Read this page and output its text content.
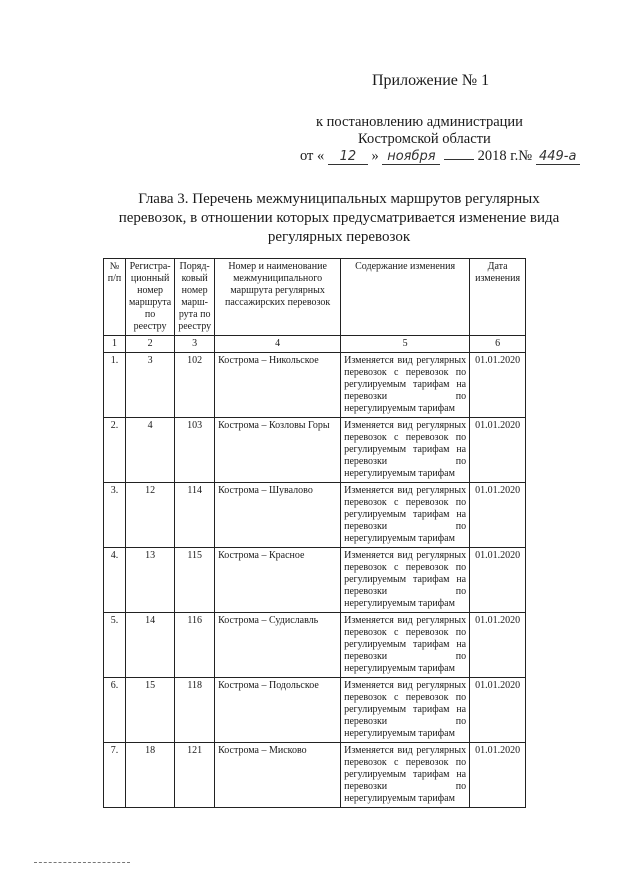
Приложение № 1
к постановлению администрации
Костромской области
от « 12 » ноября	2018 г.№ 449-а
Глава 3. Перечень межмуниципальных маршрутов регулярных перевозок, в отношении которых предусматривается изменение вида регулярных перевозок
№ п/п	Регистра-ционный номер маршрута по реестру	Поряд-ковый номер марш-рута по реестру	Номер и наименование межмуниципального маршрута регулярных пассажирских перевозок	Содержание изменения	Дата изменения
1	2	3	4	5	6
1.	3	102	Кострома – Никольское	Изменяется вид регулярных перевозок с перевозок по регулируемым тарифам на перевозки по
нерегулируемым тарифам	01.01.2020
2.	4	103	Кострома – Козловы Горы	Изменяется вид регулярных перевозок с перевозок по регулируемым тарифам на перевозки по
нерегулируемым тарифам	01.01.2020
3.	12	114	Кострома – Шувалово	Изменяется вид регулярных перевозок с перевозок по регулируемым тарифам на перевозки по
нерегулируемым тарифам	01.01.2020
4.	13	115	Кострома – Красное	Изменяется вид регулярных перевозок с перевозок по регулируемым тарифам на перевозки по
нерегулируемым тарифам	01.01.2020
5.	14	116	Кострома – Судиславль	Изменяется вид регулярных перевозок с перевозок по регулируемым тарифам на перевозки по
нерегулируемым тарифам	01.01.2020
6.	15	118	Кострома – Подольское	Изменяется вид регулярных перевозок с перевозок по регулируемым тарифам на перевозки по
нерегулируемым тарифам	01.01.2020
7.	18	121	Кострома – Мисково	Изменяется вид регулярных перевозок с перевозок по регулируемым тарифам на перевозки по
нерегулируемым тарифам	01.01.2020
